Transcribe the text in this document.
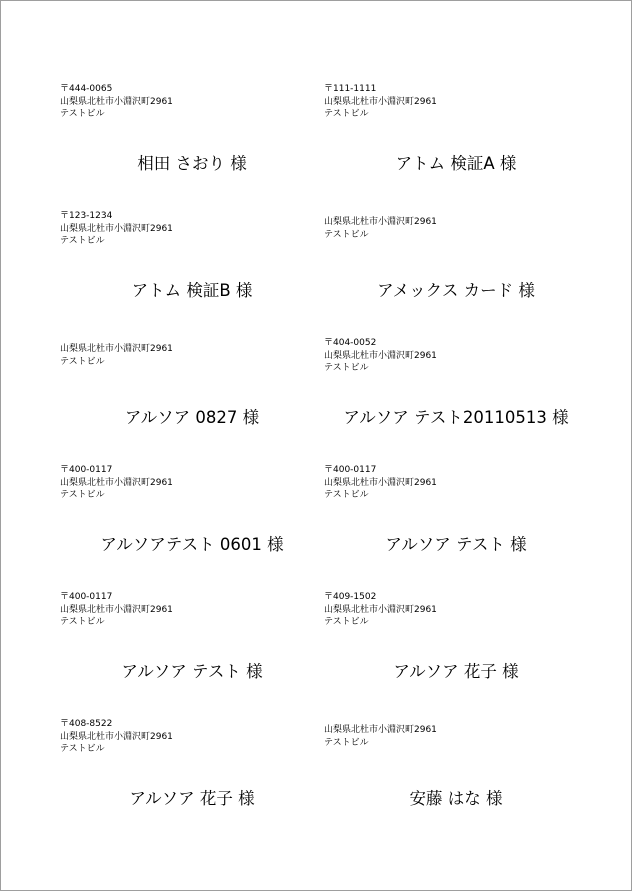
〒444-0065
山梨県北杜市小淵沢町2961
テストビル
相田 さおり 様
〒111-1111
山梨県北杜市小淵沢町2961
テストビル
アトム 検証A 様
〒123-1234
山梨県北杜市小淵沢町2961
テストビル
アトム 検証B 様
山梨県北杜市小淵沢町2961
テストビル
アメックス カード 様
山梨県北杜市小淵沢町2961
テストビル
アルソア 0827 様
〒404-0052
山梨県北杜市小淵沢町2961
テストビル
アルソア テスト20110513 様
〒400-0117
山梨県北杜市小淵沢町2961
テストビル
アルソアテスト 0601 様
〒400-0117
山梨県北杜市小淵沢町2961
テストビル
アルソア テスト 様
〒400-0117
山梨県北杜市小淵沢町2961
テストビル
アルソア テスト 様
〒409-1502
山梨県北杜市小淵沢町2961
テストビル
アルソア 花子 様
〒408-8522
山梨県北杜市小淵沢町2961
テストビル
アルソア 花子 様
山梨県北杜市小淵沢町2961
テストビル
安藤 はな 様
